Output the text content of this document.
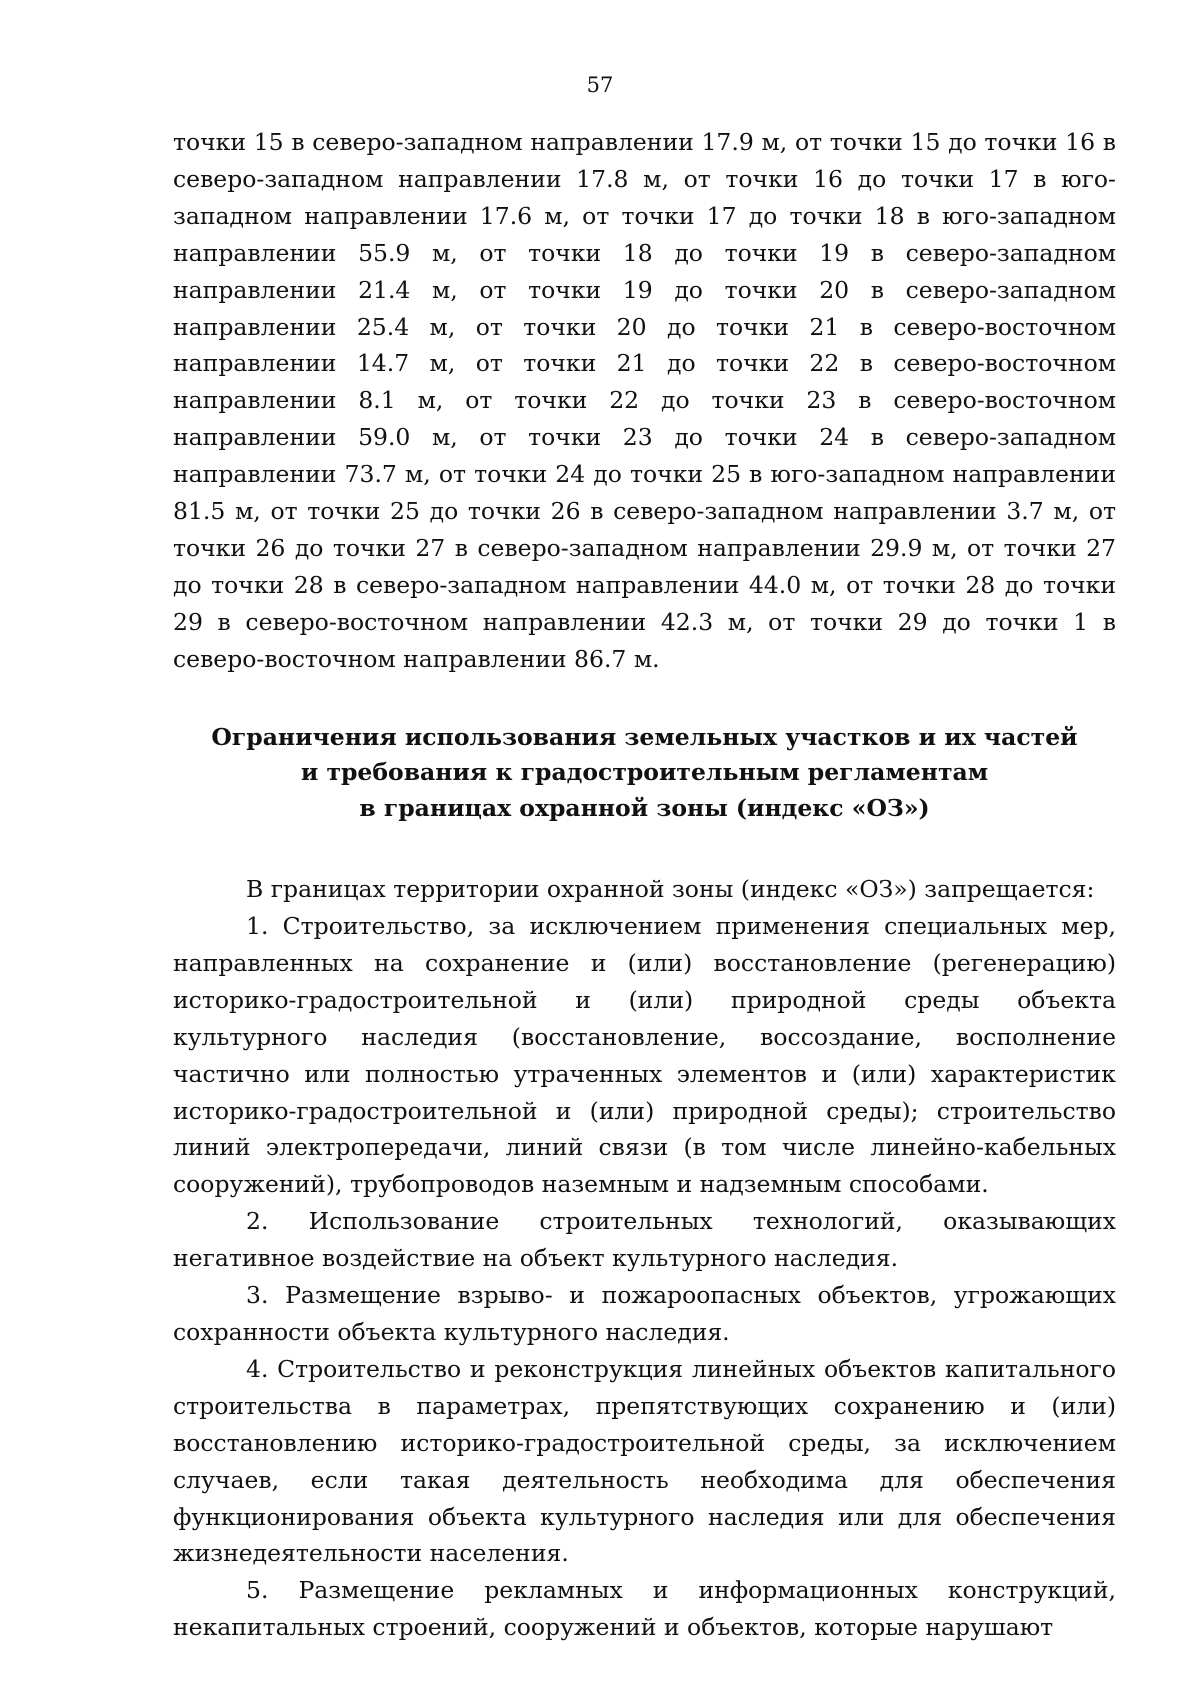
57

точки 15 в северо-западном направлении 17.9 м, от точки 15 до точки 16 в северо-западном направлении 17.8 м, от точки 16 до точки 17 в юго-западном направлении 17.6 м, от точки 17 до точки 18 в юго-западном направлении 55.9 м, от точки 18 до точки 19 в северо-западном направлении 21.4 м, от точки 19 до точки 20 в северо-западном направлении 25.4 м, от точки 20 до точки 21 в северо-восточном направлении 14.7 м, от точки 21 до точки 22 в северо-восточном направлении 8.1 м, от точки 22 до точки 23 в северо-восточном направлении 59.0 м, от точки 23 до точки 24 в северо-западном направлении 73.7 м, от точки 24 до точки 25 в юго-западном направлении 81.5 м, от точки 25 до точки 26 в северо-западном направлении 3.7 м, от точки 26 до точки 27 в северо-западном направлении 29.9 м, от точки 27 до точки 28 в северо-западном направлении 44.0 м, от точки 28 до точки 29 в северо-восточном направлении 42.3 м, от точки 29 до точки 1 в северо-восточном направлении 86.7 м.

Ограничения использования земельных участков и их частей
и требования к градостроительным регламентам
в границах охранной зоны (индекс «ОЗ»)

В границах территории охранной зоны (индекс «ОЗ») запрещается:

1. Строительство, за исключением применения специальных мер, направленных на сохранение и (или) восстановление (регенерацию) историко-градостроительной и (или) природной среды объекта культурного наследия (восстановление, воссоздание, восполнение частично или полностью утраченных элементов и (или) характеристик историко-градостроительной и (или) природной среды); строительство линий электропередачи, линий связи (в том числе линейно-кабельных сооружений), трубопроводов наземным и надземным способами.

2. Использование строительных технологий, оказывающих негативное воздействие на объект культурного наследия.

3. Размещение взрыво- и пожароопасных объектов, угрожающих сохранности объекта культурного наследия.

4. Строительство и реконструкция линейных объектов капитального строительства в параметрах, препятствующих сохранению и (или) восстановлению историко-градостроительной среды, за исключением случаев, если такая деятельность необходима для обеспечения функционирования объекта культурного наследия или для обеспечения жизнедеятельности населения.

5. Размещение рекламных и информационных конструкций, некапитальных строений, сооружений и объектов, которые нарушают
